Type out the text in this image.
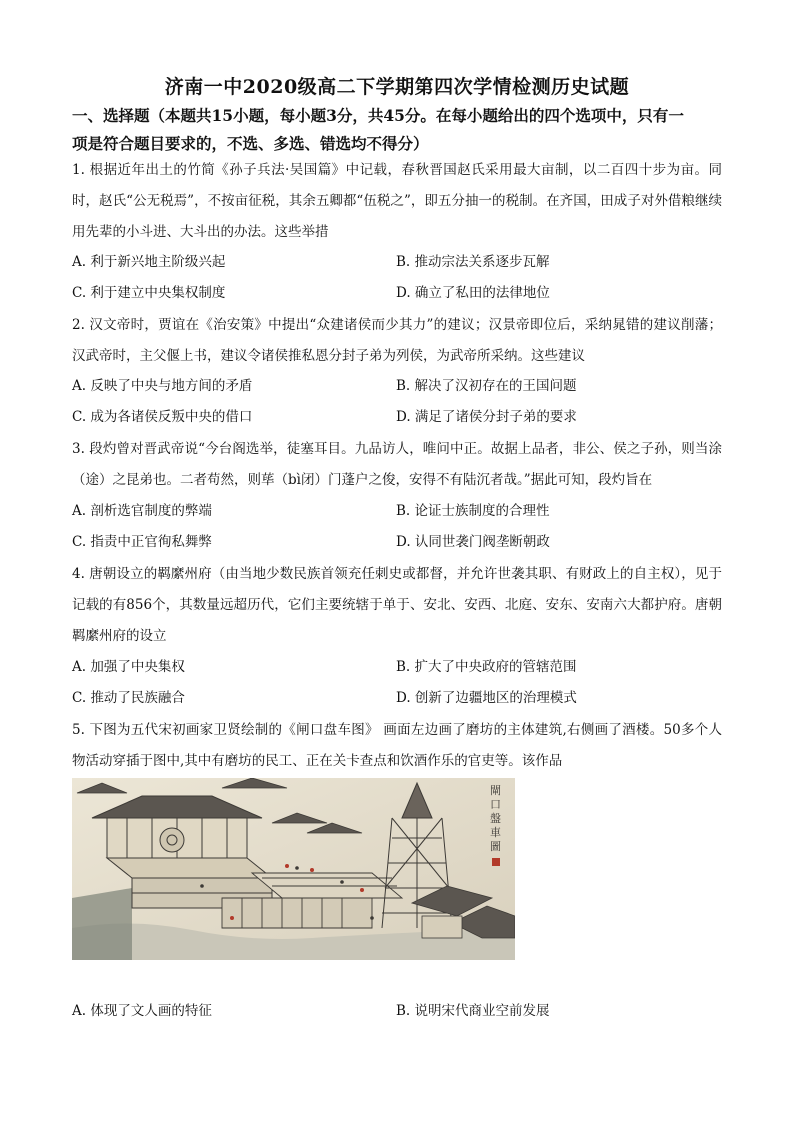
济南一中2020级高二下学期第四次学情检测历史试题
一、选择题（本题共15小题，每小题3分，共45分。在每小题给出的四个选项中，只有一
项是符合题目要求的，不选、多选、错选均不得分）
1. 根据近年出土的竹简《孙子兵法·吴国篇》中记载，春秋晋国赵氏采用最大亩制，以二百四十步为亩。同时，赵氏“公无税焉”，不按亩征税，其余五卿都“伍税之”，即五分抽一的税制。在齐国，田成子对外借粮继续用先辈的小斗进、大斗出的办法。这些举措
A. 利于新兴地主阶级兴起	B. 推动宗法关系逐步瓦解
C. 利于建立中央集权制度	D. 确立了私田的法律地位
2. 汉文帝时，贾谊在《治安策》中提出“众建诸侯而少其力”的建议；汉景帝即位后，采纳晁错的建议削藩；汉武帝时，主父偃上书，建议令诸侯推私恩分封子弟为列侯，为武帝所采纳。这些建议
A. 反映了中央与地方间的矛盾	B. 解决了汉初存在的王国问题
C. 成为各诸侯反叛中央的借口	D. 满足了诸侯分封子弟的要求
3. 段灼曾对晋武帝说“今台阁选举，徒塞耳目。九品访人，唯问中正。故据上品者，非公、侯之子孙，则当涂（途）之昆弟也。二者苟然，则荜（bì闭）门蓬户之俊，安得不有陆沉者哉。”据此可知，段灼旨在
A. 剖析选官制度的弊端	B. 论证士族制度的合理性
C. 指责中正官徇私舞弊	D. 认同世袭门阀垄断朝政
4. 唐朝设立的羁縻州府（由当地少数民族首领充任刺史或都督，并允许世袭其职、有财政上的自主权），见于记载的有856个，其数量远超历代，它们主要统辖于单于、安北、安西、北庭、安东、安南六大都护府。唐朝羁縻州府的设立
A. 加强了中央集权	B. 扩大了中央政府的管辖范围
C. 推动了民族融合	D. 创新了边疆地区的治理模式
5. 下图为五代宋初画家卫贤绘制的《闸口盘车图》 画面左边画了磨坊的主体建筑,右侧画了酒楼。50多个人物活动穿插于图中,其中有磨坊的民工、正在关卡查点和饮酒作乐的官吏等。该作品
閘
口
盤
車
圖
A. 体现了文人画的特征	B. 说明宋代商业空前发展
